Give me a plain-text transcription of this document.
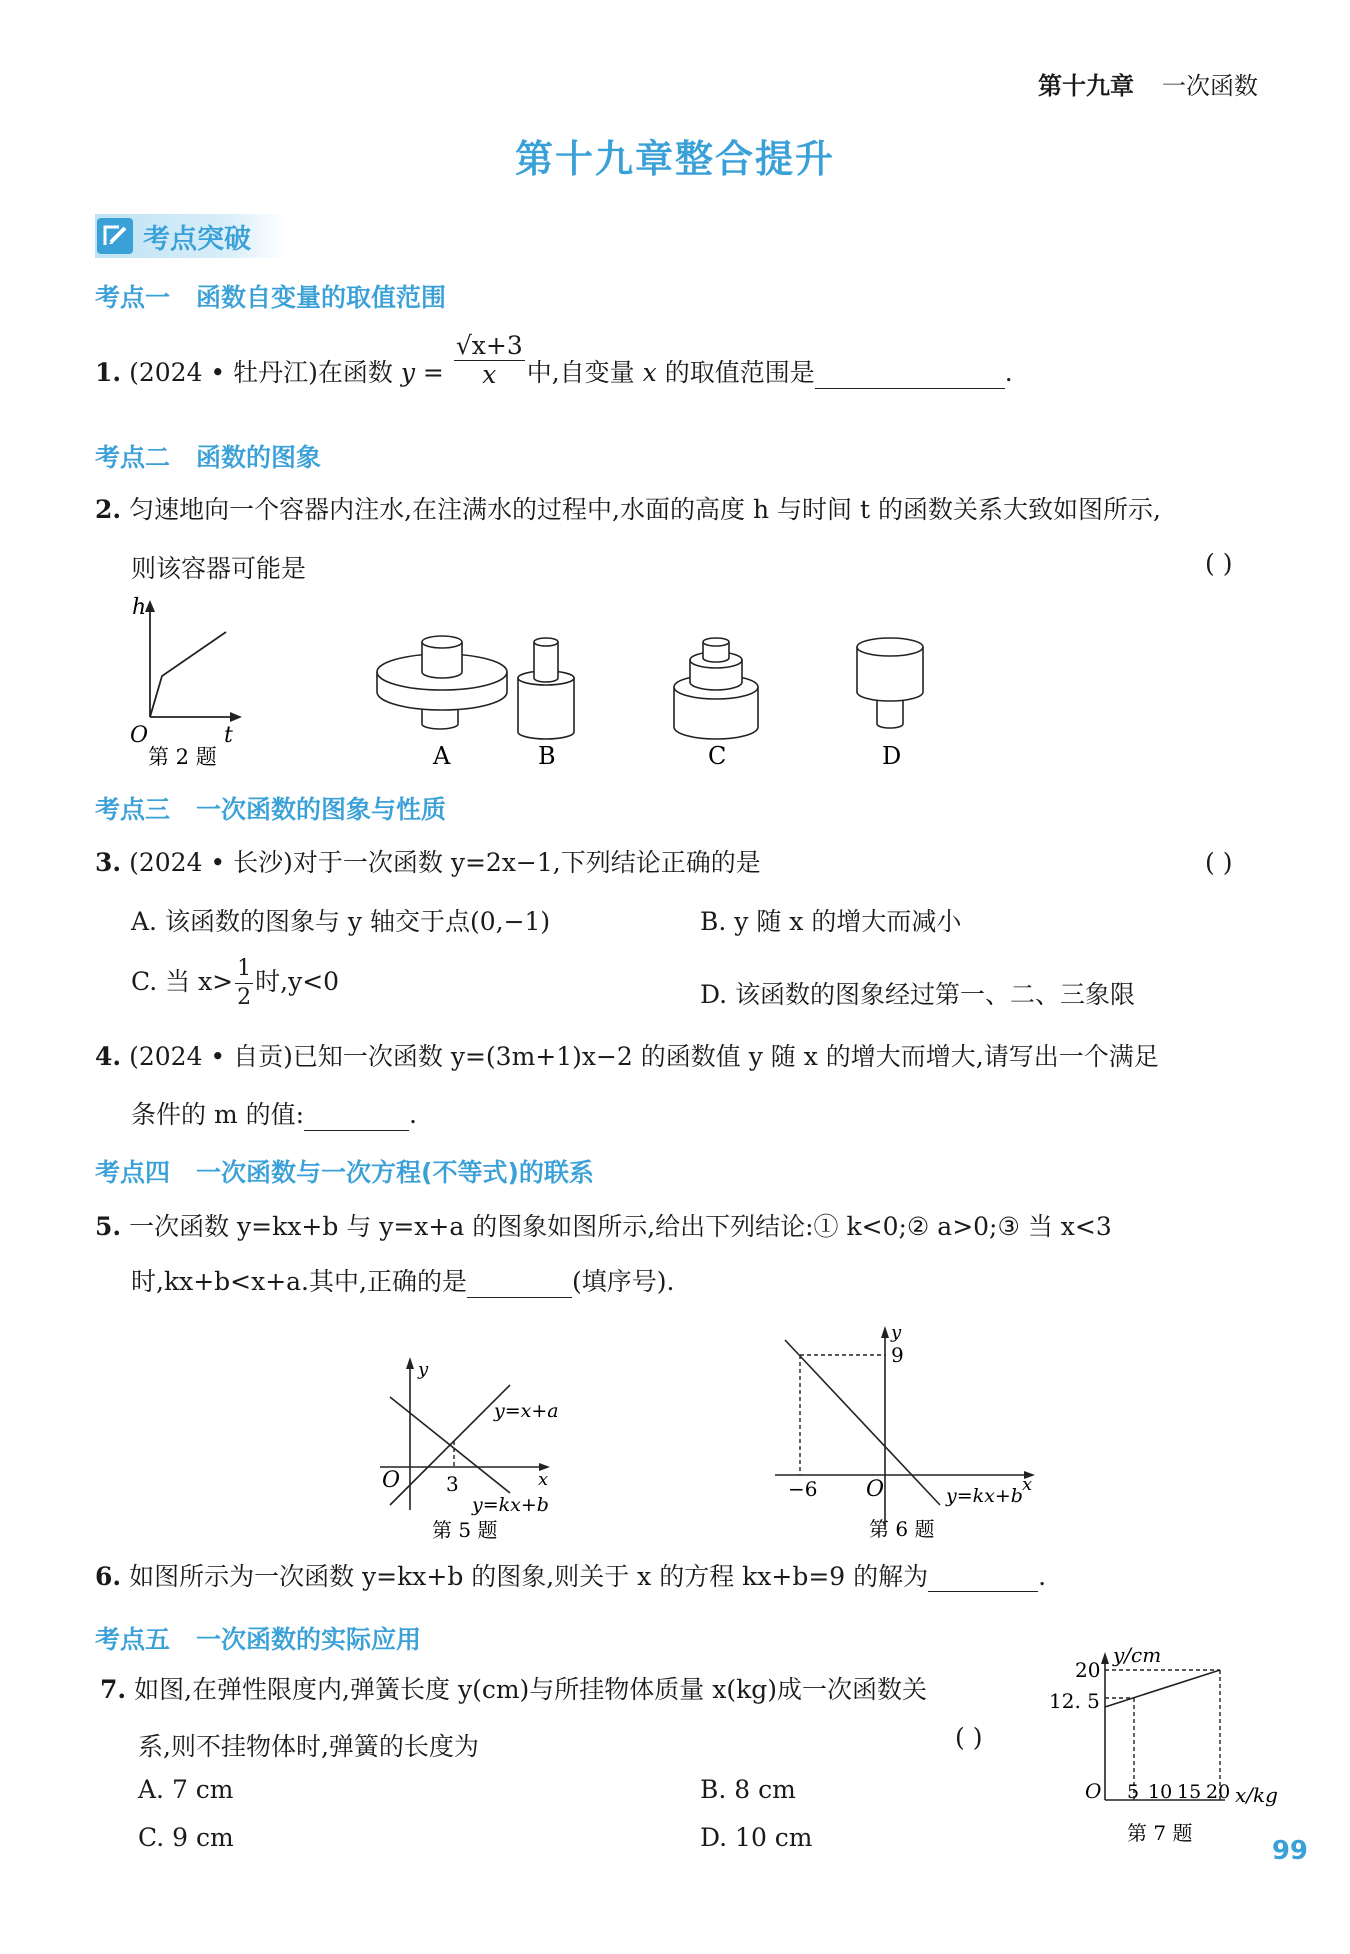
第十九章 一次函数
第十九章整合提升
考点突破
考点一 函数自变量的取值范围
1. (2024 • 牡丹江)在函数 $y = \frac{√x+3}{x}$ 中,自变量 x 的取值范围是	.
考点二 函数的图象
2. 匀速地向一个容器内注水,在注满水的过程中,水面的高度 h 与时间 t 的函数关系大致如图所示,
则该容器可能是	( )
h
t
O
第 2 题	A	B	C	D
考点三 一次函数的图象与性质
3. (2024 • 长沙)对于一次函数 y=2x−1,下列结论正确的是	( )
A. 该函数的图象与 y 轴交于点(0,−1)	B. y 随 x 的增大而减小
C. 当 $x> \frac{1}{2}$ 时,y<0	D. 该函数的图象经过第一、二、三象限
4. (2024 • 自贡)已知一次函数 y=(3m+1)x−2 的函数值 y 随 x 的增大而增大,请写出一个满足
条件的 m 的值:	.
考点四 一次函数与一次方程(不等式)的联系
5. 一次函数 y=kx+b 与 y=x+a 的图象如图所示,给出下列结论:① k<0;② a>0;③ 当 x<3
时,kx+b<x+a.其中,正确的是	(填序号).
y
x
O 3
y=x+a
y=kx+b
第 5 题
y
x
O
9
−6	y=kx+b
第 6 题
6. 如图所示为一次函数 y=kx+b 的图象,则关于 x 的方程 kx+b=9 的解为	.
考点五 一次函数的实际应用
7. 如图,在弹性限度内,弹簧长度 y(cm)与所挂物体质量 x(kg)成一次函数关
系,则不挂物体时,弹簧的长度为	( )
A. 7 cm	B. 8 cm
C. 9 cm	D. 10 cm
y/cm
20
12. 5
O 5 10 15 20 x/kg
第 7 题
99
